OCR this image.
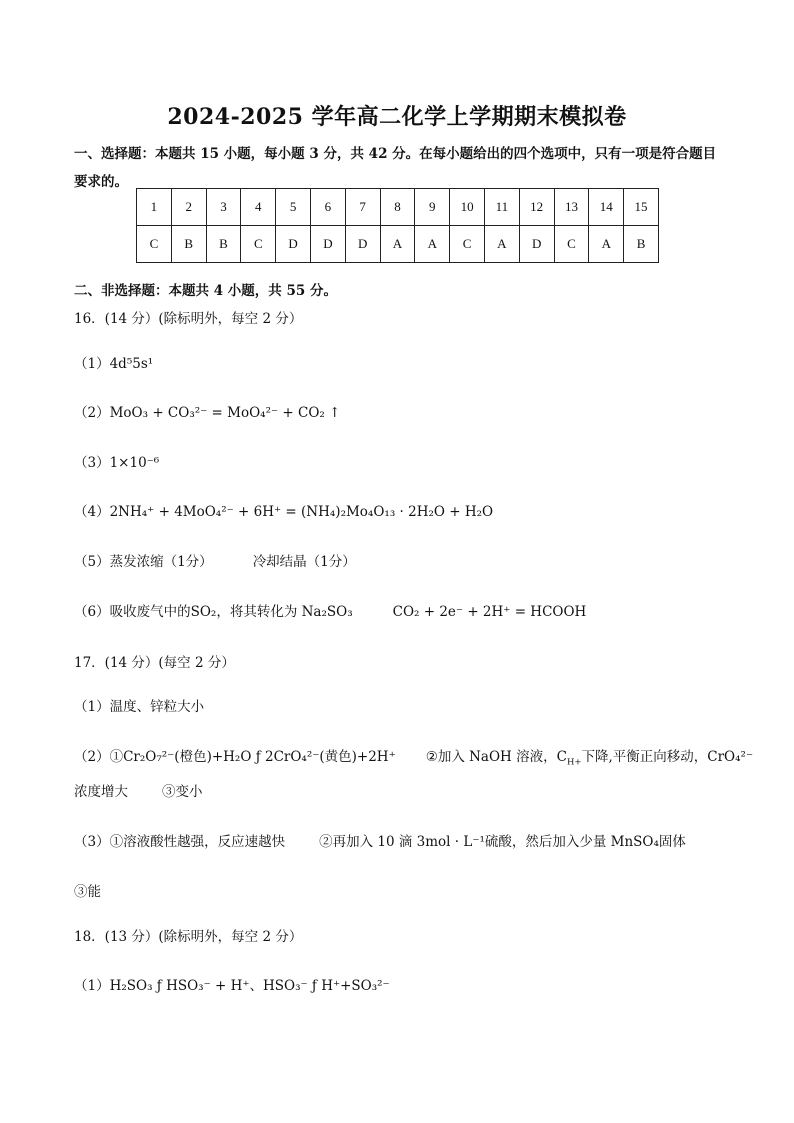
2024-2025 学年高二化学上学期期末模拟卷
一、选择题：本题共 15 小题，每小题 3 分，共 42 分。在每小题给出的四个选项中，只有一项是符合题目
要求的。
1	2	3	4	5	6	7	8	9	10	11	12	13	14	15
C	B	B	C	D	D	D	A	A	C	A	D	C	A	B
二、非选择题：本题共 4 小题，共 55 分。
16．(14 分）(除标明外，每空 2 分）
（1）4d⁵5s¹
（2）MoO₃ + CO₃²⁻ = MoO₄²⁻ + CO₂ ↑
（3）1×10⁻⁶
（4）2NH₄⁺ + 4MoO₄²⁻ + 6H⁺ = (NH₄)₂Mo₄O₁₃ · 2H₂O + H₂O
（5）蒸发浓缩（1分）	冷却结晶（1分）
（6）吸收废气中的SO₂，将其转化为 Na₂SO₃	CO₂ + 2e⁻ + 2H⁺ = HCOOH
17．(14 分）(每空 2 分）
（1）温度、锌粒大小
（2）①Cr₂O₇²⁻(橙色)+H₂O ƒ 2CrO₄²⁻(黄色)+2H⁺ ②加入 NaOH 溶液，$C_{H+}$下降,平衡正向移动，CrO₄²⁻
浓度增大	③变小
（3）①溶液酸性越强，反应速越快	②再加入 10 滴 3mol · L⁻¹硫酸，然后加入少量 MnSO₄固体
③能
18．(13 分）(除标明外，每空 2 分）
（1）H₂SO₃ ƒ HSO₃⁻ + H⁺、HSO₃⁻ ƒ H⁺+SO₃²⁻
